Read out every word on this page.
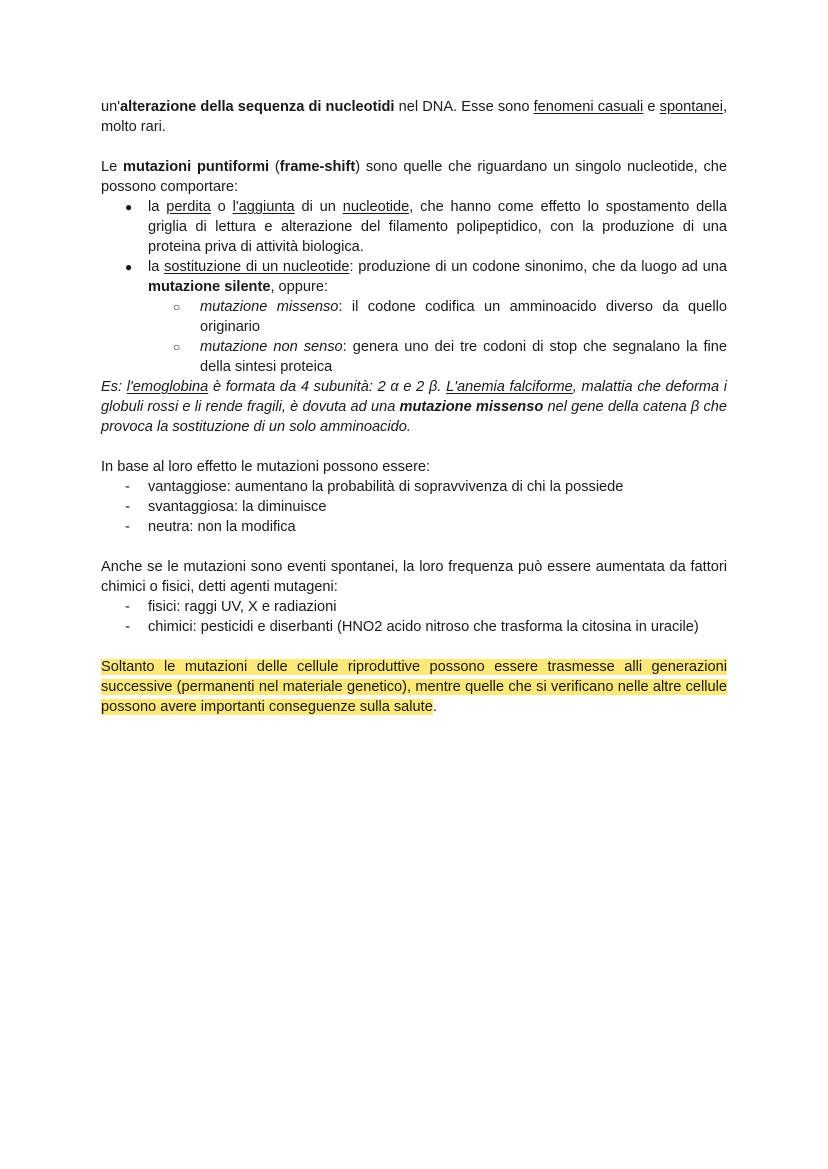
un'alterazione della sequenza di nucleotidi nel DNA. Esse sono fenomeni casuali e spontanei, molto rari.

Le mutazioni puntiformi (frame-shift) sono quelle che riguardano un singolo nucleotide, che possono comportare:

● la perdita o l'aggiunta di un nucleotide, che hanno come effetto lo spostamento della griglia di lettura e alterazione del filamento polipeptidico, con la produzione di una proteina priva di attività biologica.
● la sostituzione di un nucleotide: produzione di un codone sinonimo, che da luogo ad una mutazione silente, oppure:
○ mutazione missenso: il codone codifica un amminoacido diverso da quello originario
○ mutazione non senso: genera uno dei tre codoni di stop che segnalano la fine della sintesi proteica

Es: l'emoglobina è formata da 4 subunità: 2 α e 2 β. L'anemia falciforme, malattia che deforma i globuli rossi e li rende fragili, è dovuta ad una mutazione missenso nel gene della catena β che provoca la sostituzione di un solo amminoacido.

In base al loro effetto le mutazioni possono essere:

- vantaggiose: aumentano la probabilità di sopravvivenza di chi la possiede
- svantaggiosa: la diminuisce
- neutra: non la modifica

Anche se le mutazioni sono eventi spontanei, la loro frequenza può essere aumentata da fattori chimici o fisici, detti agenti mutageni:

- fisici: raggi UV, X e radiazioni
- chimici: pesticidi e diserbanti (HNO2 acido nitroso che trasforma la citosina in uracile)

Soltanto le mutazioni delle cellule riproduttive possono essere trasmesse alli generazioni successive (permanenti nel materiale genetico), mentre quelle che si verificano nelle altre cellule possono avere importanti conseguenze sulla salute.
